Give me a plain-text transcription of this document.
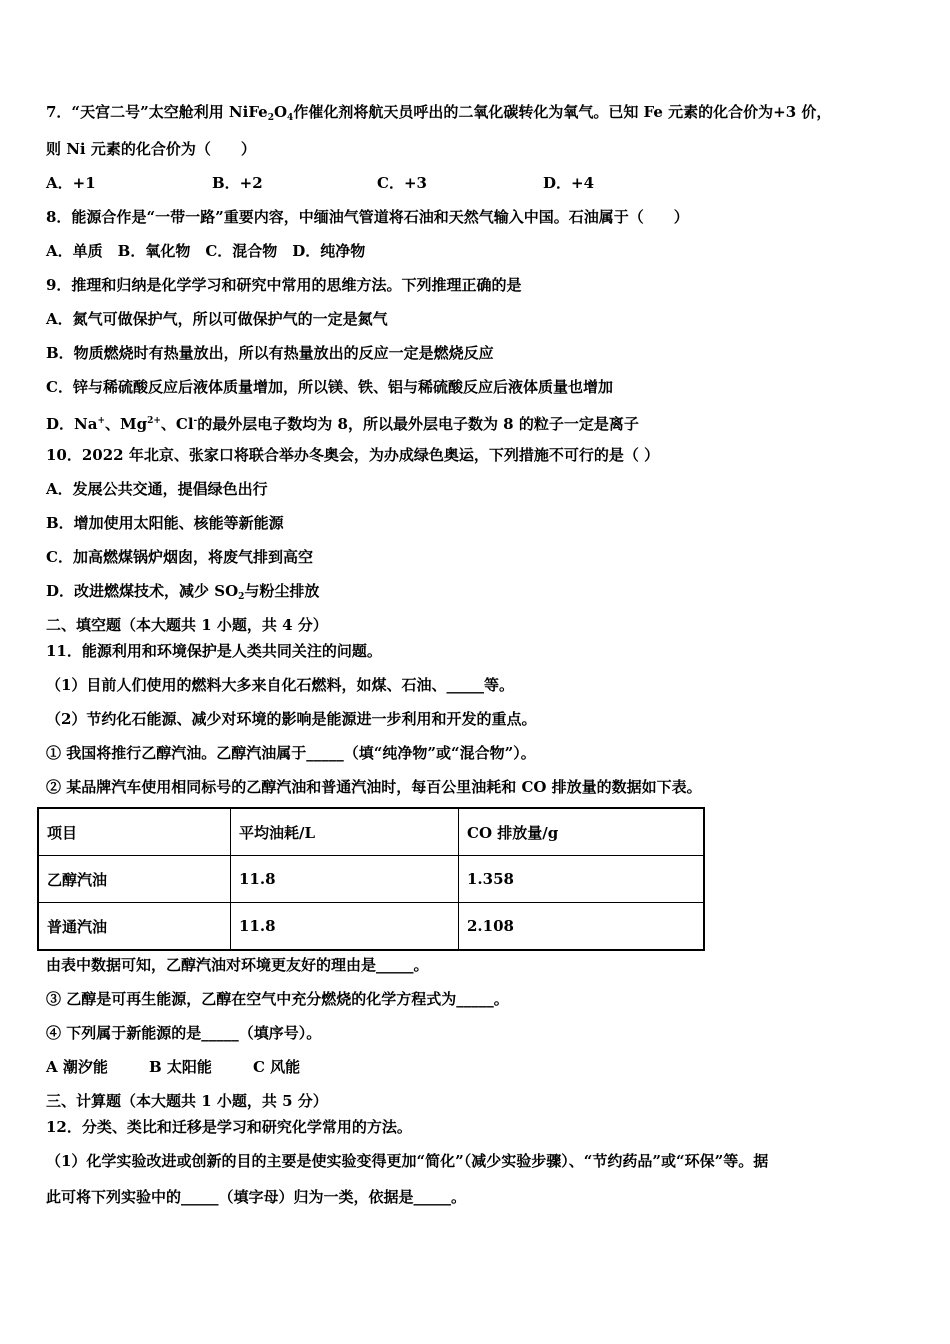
7．“天宫二号”太空舱利用 $NiFe_2O_4$作催化剂将航天员呼出的二氧化碳转化为氧气。已知 Fe 元素的化合价为+3 价，
则 Ni 元素的化合价为（　　）
A．+1	B．+2	C．+3	D．+4
8．能源合作是“一带一路”重要内容，中缅油气管道将石油和天然气输入中国。石油属于（　　）
A．单质　B．氧化物　C．混合物　D．纯净物
9．推理和归纳是化学学习和研究中常用的思维方法。下列推理正确的是
A．氮气可做保护气，所以可做保护气的一定是氮气
B．物质燃烧时有热量放出，所以有热量放出的反应一定是燃烧反应
C．锌与稀硫酸反应后液体质量增加，所以镁、铁、铝与稀硫酸反应后液体质量也增加
D．Na+、$Mg^{2+}$、Cl-的最外层电子数均为 8，所以最外层电子数为 8 的粒子一定是离子
10．2022 年北京、张家口将联合举办冬奥会，为办成绿色奥运，下列措施不可行的是（ ）
A．发展公共交通，提倡绿色出行
B．增加使用太阳能、核能等新能源
C．加高燃煤锅炉烟囱，将废气排到高空
D．改进燃煤技术，减少 $SO_2$与粉尘排放
二、填空题（本大题共 1 小题，共 4 分）
11．能源利用和环境保护是人类共同关注的问题。
（1）目前人们使用的燃料大多来自化石燃料，如煤、石油、_____等。
（2）节约化石能源、减少对环境的影响是能源进一步利用和开发的重点。
① 我国将推行乙醇汽油。乙醇汽油属于_____（填“纯净物”或“混合物”）。
② 某品牌汽车使用相同标号的乙醇汽油和普通汽油时，每百公里油耗和 CO 排放量的数据如下表。
项目	平均油耗/L	CO 排放量/g
乙醇汽油	11.8	1.358
普通汽油	11.8	2.108
由表中数据可知，乙醇汽油对环境更友好的理由是_____。
③ 乙醇是可再生能源，乙醇在空气中充分燃烧的化学方程式为_____。
④ 下列属于新能源的是_____（填序号）。
A 潮汐能	B 太阳能	C 风能
三、计算题（本大题共 1 小题，共 5 分）
12．分类、类比和迁移是学习和研究化学常用的方法。
（1）化学实验改进或创新的目的主要是使实验变得更加“简化”（减少实验步骤）、“节约药品”或“环保”等。据
此可将下列实验中的_____（填字母）归为一类，依据是_____。
